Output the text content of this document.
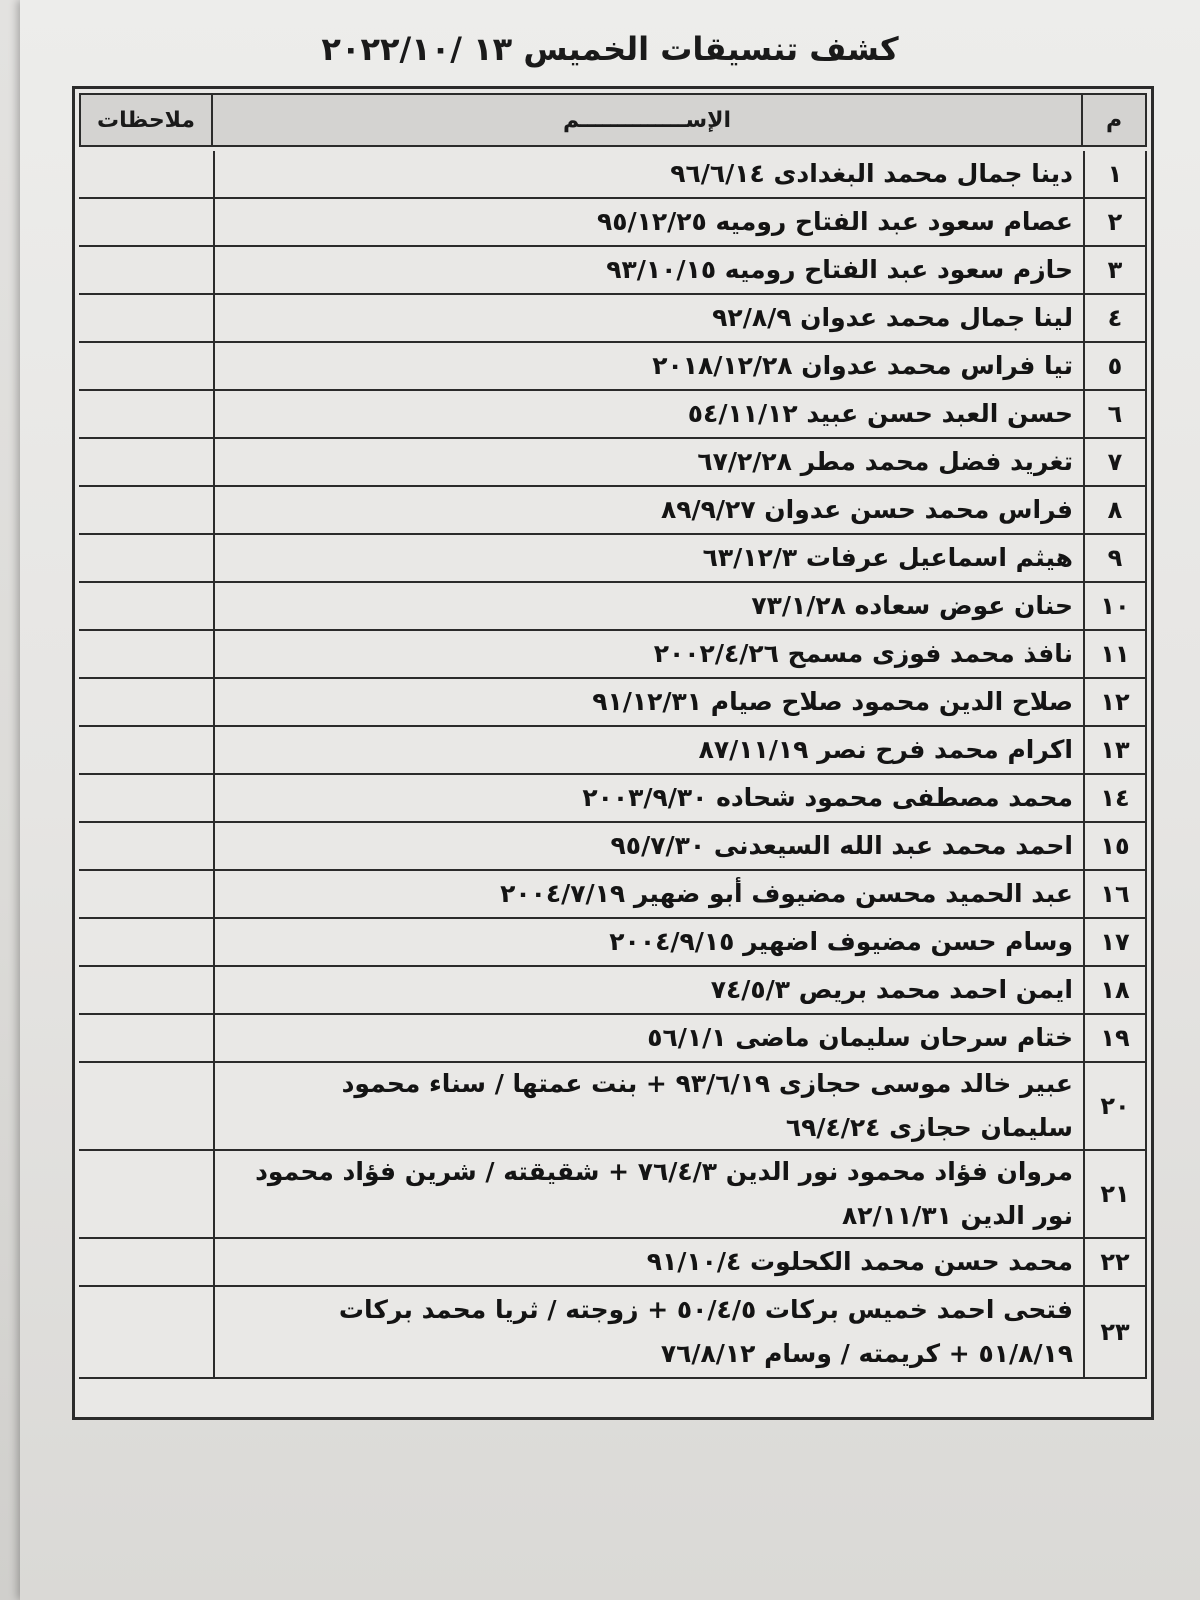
كشف تنسيقات الخميس ١٣ /٢٠٢٢/١٠
م
الإســــــــــــــم
ملاحظات
١
دينا جمال محمد البغدادى ٩٦/٦/١٤
٢
عصام سعود عبد الفتاح روميه ٩٥/١٢/٢٥
٣
حازم سعود عبد الفتاح روميه ٩٣/١٠/١٥
٤
لينا جمال محمد عدوان ٩٢/٨/٩
٥
تيا فراس محمد عدوان ٢٠١٨/١٢/٢٨
٦
حسن العبد حسن عبيد ٥٤/١١/١٢
٧
تغريد فضل محمد مطر ٦٧/٢/٢٨
٨
فراس محمد حسن عدوان ٨٩/٩/٢٧
٩
هيثم اسماعيل عرفات ٦٣/١٢/٣
١٠
حنان عوض سعاده ٧٣/١/٢٨
١١
نافذ محمد فوزى مسمح ٢٠٠٢/٤/٢٦
١٢
صلاح الدين محمود صلاح صيام ٩١/١٢/٣١
١٣
اكرام محمد فرح نصر ٨٧/١١/١٩
١٤
محمد مصطفى محمود شحاده ٢٠٠٣/٩/٣٠
١٥
احمد محمد عبد الله السيعدنى ٩٥/٧/٣٠
١٦
عبد الحميد محسن مضيوف أبو ضهير ٢٠٠٤/٧/١٩
١٧
وسام حسن مضيوف اضهير ٢٠٠٤/٩/١٥
١٨
ايمن احمد محمد بريص ٧٤/٥/٣
١٩
ختام سرحان سليمان ماضى ٥٦/١/١
٢٠
عبير خالد موسى حجازى ٩٣/٦/١٩ + بنت عمتها / سناء محمود
سليمان حجازى ٦٩/٤/٢٤
٢١
مروان فؤاد محمود نور الدين ٧٦/٤/٣ + شقيقته / شرين فؤاد محمود
نور الدين ٨٢/١١/٣١
٢٢
محمد حسن محمد الكحلوت ٩١/١٠/٤
٢٣
فتحى احمد خميس بركات ٥٠/٤/٥ + زوجته / ثريا محمد بركات
٥١/٨/١٩ + كريمته / وسام ٧٦/٨/١٢
